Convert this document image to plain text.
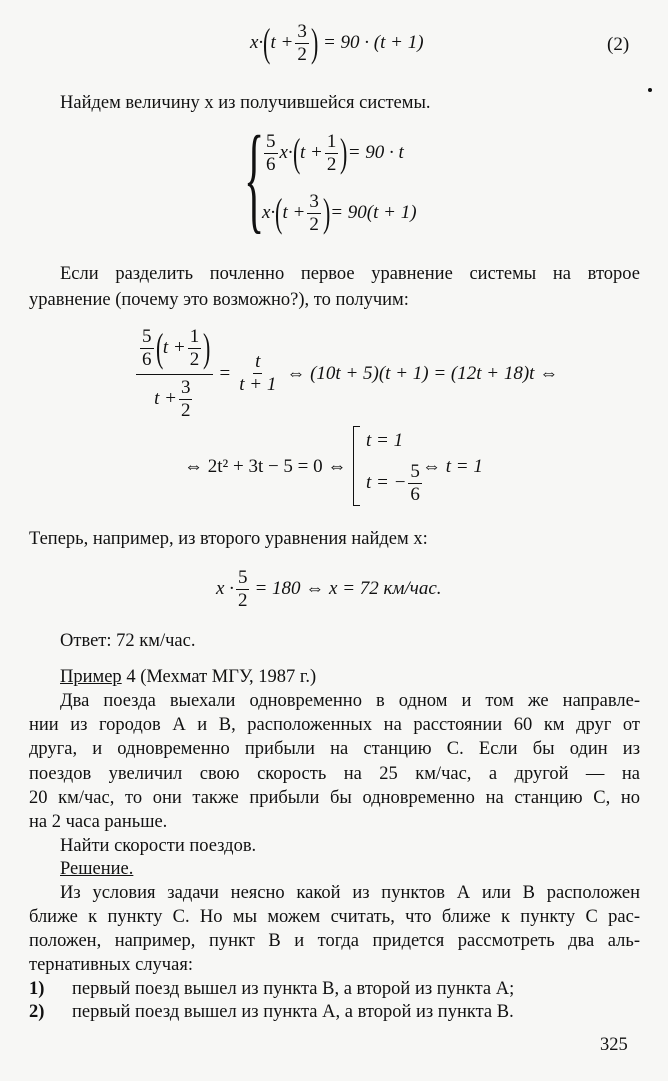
$x\cdot(t + \frac{3}{2}$ ) = 90 · (t + 1)	(2)
Найдем величину x из получившейся системы.
{ $\frac{5}{6} x\cdot(t + \frac{1}{2}$ )= 90 · t
$x\cdot(t + \frac{3}{2}$ )= 90(t + 1)
Если разделить почленно первое уравнение системы на второе
уравнение (почему это возможно?), то получим:
$\frac{\frac{5}{6} (t + \frac{1}{2} )}{t + \frac{3}{2}} = \frac{t}{t + 1}$ ⇔ (10t + 5)(t + 1) = (12t + 18)t ⇔
⇔ 2t² + 3t − 5 = 0 ⇔
t = 1
t = − $\frac{5}{6}$ ⇔ t = 1
Теперь, например, из второго уравнения найдем x:
$x \cdot \frac{5}{2} = 180$ ⇔ x = 72 км/час.
Ответ: 72 км/час.
Пример 4 (Мехмат МГУ, 1987 г.)
Два поезда выехали одновременно в одном и том же направле-
нии из городов А и В, расположенных на расстоянии 60 км друг от
друга, и одновременно прибыли на станцию С. Если бы один из
поездов увеличил свою скорость на 25 км/час, а другой — на
20 км/час, то они также прибыли бы одновременно на станцию С, но
на 2 часа раньше.
Найти скорости поездов.
Решение.
Из условия задачи неясно какой из пунктов А или В расположен
ближе к пункту С. Но мы можем считать, что ближе к пункту С рас-
положен, например, пункт В и тогда придется рассмотреть два аль-
тернативных случая:
1) первый поезд вышел из пункта В, а второй из пункта А;
2) первый поезд вышел из пункта А, а второй из пункта В.
325
